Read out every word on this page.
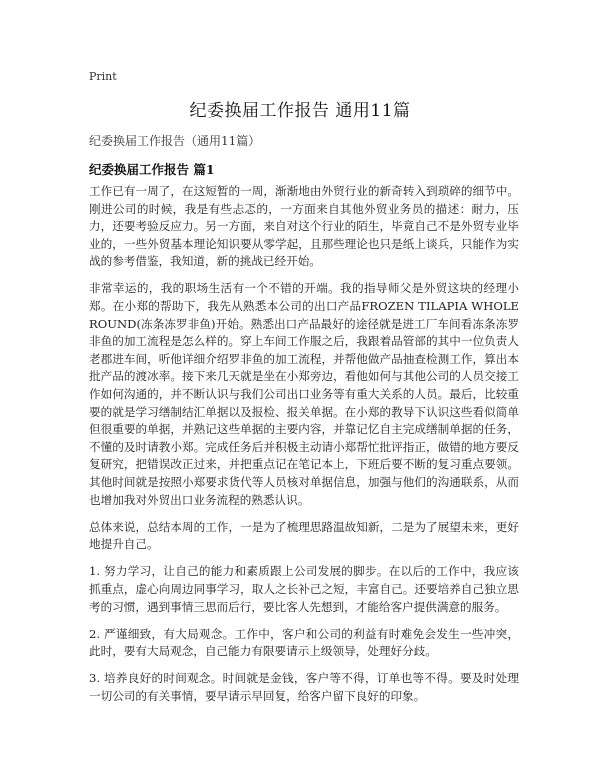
Print
纪委换届工作报告 通用11篇
纪委换届工作报告（通用11篇）
纪委换届工作报告 篇1

工作已有一周了，在这短暂的一周，渐渐地由外贸行业的新奇转入到琐碎的细节中。刚进公司的时候，我是有些忐忑的，一方面来自其他外贸业务员的描述：耐力，压力，还要考验反应力。另一方面，来自对这个行业的陌生，毕竟自己不是外贸专业毕业的，一些外贸基本理论知识要从零学起，且那些理论也只是纸上谈兵，只能作为实战的参考借鉴，我知道，新的挑战已经开始。

非常幸运的，我的职场生活有一个不错的开端。我的指导师父是外贸这块的经理小郑。在小郑的帮助下，我先从熟悉本公司的出口产品FROZEN TILAPIA WHOLE ROUND(冻条冻罗非鱼)开始。熟悉出口产品最好的途径就是进工厂车间看冻条冻罗非鱼的加工流程是怎么样的。穿上车间工作服之后，我跟着品管部的其中一位负责人老郡进车间，听他详细介绍罗非鱼的加工流程，并帮他做产品抽查检测工作，算出本批产品的渡冰率。接下来几天就是坐在小郑旁边，看他如何与其他公司的人员交接工作如何沟通的，并不断认识与我们公司出口业务等有重大关系的人员。最后，比较重要的就是学习缮制结汇单据以及报检、报关单据。在小郑的教导下认识这些看似简单但很重要的单据，并熟记这些单据的主要内容，并靠记忆自主完成缮制单据的任务，不懂的及时请教小郑。完成任务后并积极主动请小郑帮忙批评指正，做错的地方要反复研究，把错误改正过来，并把重点记在笔记本上，下班后要不断的复习重点要领。其他时间就是按照小郑要求货代等人员核对单据信息，加强与他们的沟通联系，从而也增加我对外贸出口业务流程的熟悉认识。

总体来说，总结本周的工作，一是为了梳理思路温故知新，二是为了展望未来，更好地提升自己。

1. 努力学习，让自己的能力和素质跟上公司发展的脚步。在以后的工作中，我应该抓重点，虚心向周边同事学习，取人之长补己之短，丰富自己。还要培养自己独立思考的习惯，遇到事情三思而后行，要比客人先想到，才能给客户提供满意的服务。

2. 严谨细致，有大局观念。工作中，客户和公司的利益有时难免会发生一些冲突，此时，要有大局观念，自己能力有限要请示上级领导，处理好分歧。

3. 培养良好的时间观念。时间就是金钱，客户等不得，订单也等不得。要及时处理一切公司的有关事情，要早请示早回复，给客户留下良好的印象。
